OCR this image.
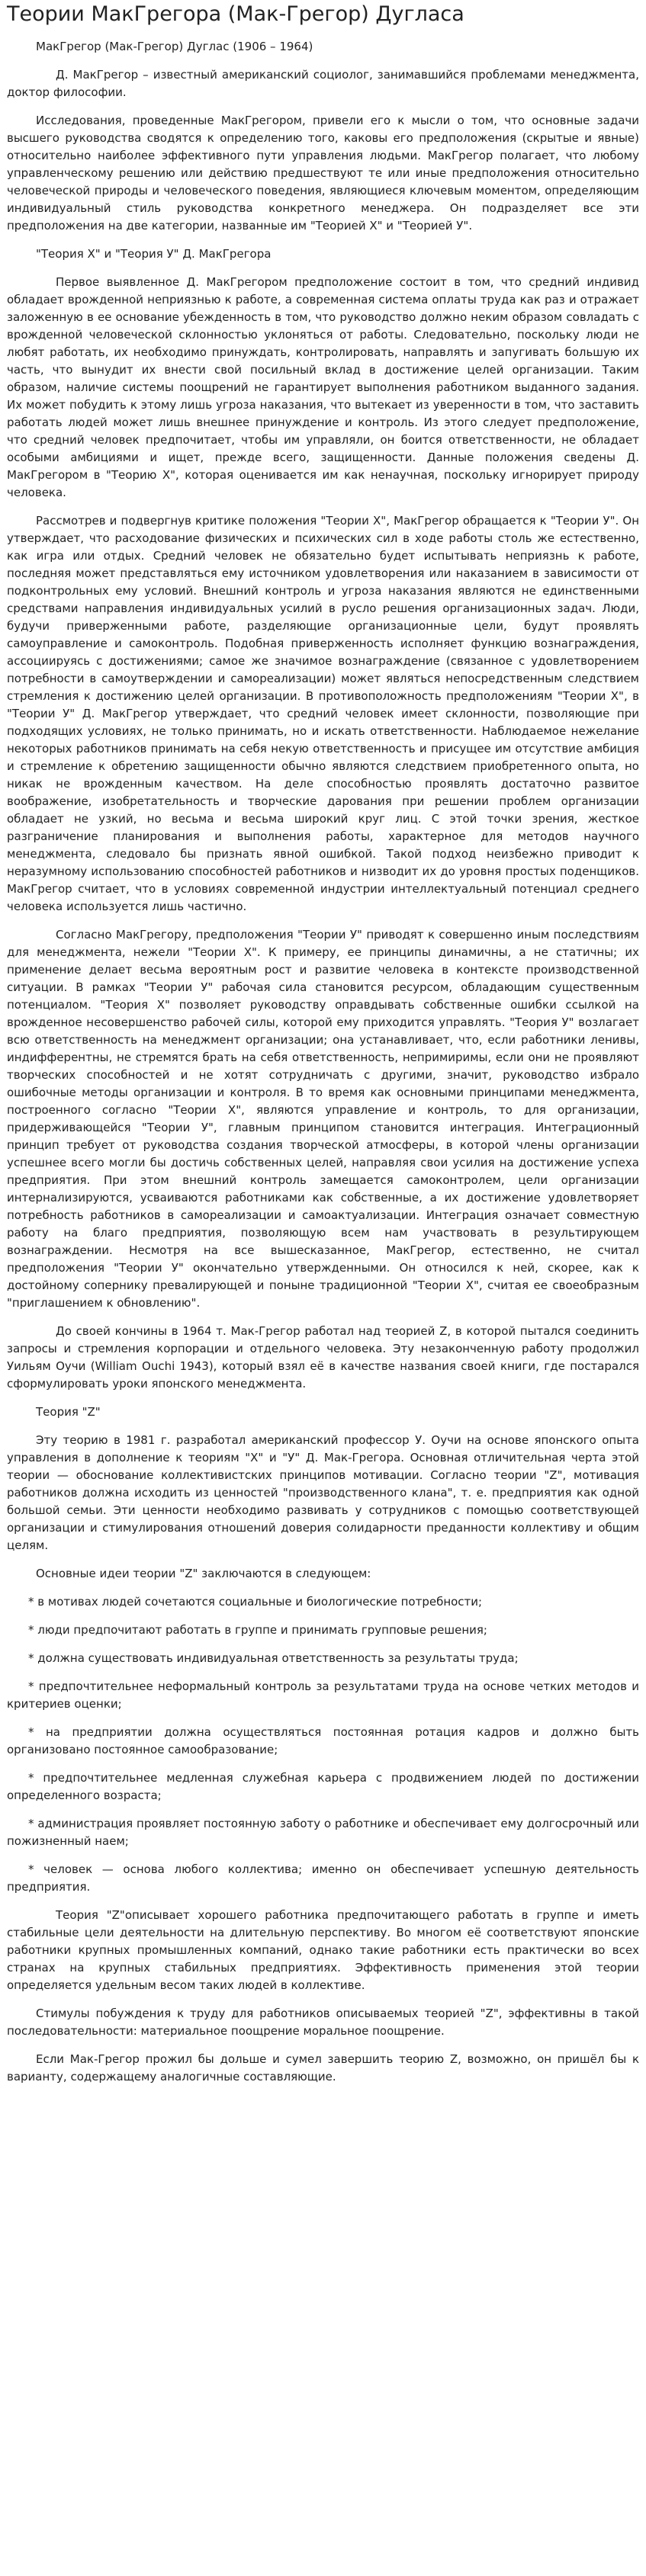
Теории МакГрегора (Мак-Грегор) Дугласа

МакГрегор (Мак-Грегор) Дуглас (1906 – 1964)

Д. МакГрегор – известный американский социолог, занимавшийся проблемами менеджмента, доктор философии.

Исследования, проведенные МакГрегором, привели его к мысли о том, что основные задачи высшего руководства сводятся к определению того, каковы его предположения (скрытые и явные) относительно наиболее эффективного пути управления людьми. МакГрегор полагает, что любому управленческому решению или действию предшествуют те или иные предположения относительно человеческой природы и человеческого поведения, являющиеся ключевым моментом, определяющим индивидуальный стиль руководства конкретного менеджера. Он подразделяет все эти предположения на две категории, названные им "Теорией Х" и "Теорией У".

"Теория Х" и "Теория У" Д. МакГрегора

Первое выявленное Д. МакГрегором предположение состоит в том, что средний индивид обладает врожденной неприязнью к работе, а современная система оплаты труда как раз и отражает заложенную в ее основание убежденность в том, что руководство должно неким образом совладать с врожденной человеческой склонностью уклоняться от работы. Следовательно, поскольку люди не любят работать, их необходимо принуждать, контролировать, направлять и запугивать большую их часть, что вынудит их внести свой посильный вклад в достижение целей организации. Таким образом, наличие системы поощрений не гарантирует выполнения работником выданного задания. Их может побудить к этому лишь угроза наказания, что вытекает из уверенности в том, что заставить работать людей может лишь внешнее принуждение и контроль. Из этого следует предположение, что средний человек предпочитает, чтобы им управляли, он боится ответственности, не обладает особыми амбициями и ищет, прежде всего, защищенности. Данные положения сведены Д. МакГрегором в "Теорию Х", которая оценивается им как ненаучная, поскольку игнорирует природу человека.

Рассмотрев и подвергнув критике положения "Теории Х", МакГрегор обращается к "Теории У". Он утверждает, что расходование физических и психических сил в ходе работы столь же естественно, как игра или отдых. Средний человек не обязательно будет испытывать неприязнь к работе, последняя может представляться ему источником удовлетворения или наказанием в зависимости от подконтрольных ему условий. Внешний контроль и угроза наказания являются не единственными средствами направления индивидуальных усилий в русло решения организационных задач. Люди, будучи приверженными работе, разделяющие организационные цели, будут проявлять самоуправление и самоконтроль. Подобная приверженность исполняет функцию вознаграждения, ассоциируясь с достижениями; самое же значимое вознаграждение (связанное с удовлетворением потребности в самоутверждении и самореализации) может являться непосредственным следствием стремления к достижению целей организации. В противоположность предположениям "Теории Х", в "Теории У" Д. МакГрегор утверждает, что средний человек имеет склонности, позволяющие при подходящих условиях, не только принимать, но и искать ответственности. Наблюдаемое нежелание некоторых работников принимать на себя некую ответственность и присущее им отсутствие амбиция и стремление к обретению защищенности обычно являются следствием приобретенного опыта, но никак не врожденным качеством. На деле способностью проявлять достаточно развитое воображение, изобретательность и творческие дарования при решении проблем организации обладает не узкий, но весьма и весьма широкий круг лиц. С этой точки зрения, жесткое разграничение планирования и выполнения работы, характерное для методов научного менеджмента, следовало бы признать явной ошибкой. Такой подход неизбежно приводит к неразумному использованию способностей работников и низводит их до уровня простых поденщиков. МакГрегор считает, что в условиях современной индустрии интеллектуальный потенциал среднего человека используется лишь частично.

Согласно МакГрегору, предположения "Теории У" приводят к совершенно иным последствиям для менеджмента, нежели "Теории Х". К примеру, ее принципы динамичны, а не статичны; их применение делает весьма вероятным рост и развитие человека в контексте производственной ситуации. В рамках "Теории У" рабочая сила становится ресурсом, обладающим существенным потенциалом. "Теория Х" позволяет руководству оправдывать собственные ошибки ссылкой на врожденное несовершенство рабочей силы, которой ему приходится управлять. "Теория У" возлагает всю ответственность на менеджмент организации; она устанавливает, что, если работники ленивы, индифферентны, не стремятся брать на себя ответственность, непримиримы, если они не проявляют творческих способностей и не хотят сотрудничать с другими, значит, руководство избрало ошибочные методы организации и контроля. В то время как основными принципами менеджмента, построенного согласно "Теории Х", являются управление и контроль, то для организации, придерживающейся "Теории У", главным принципом становится интеграция. Интеграционный принцип требует от руководства создания творческой атмосферы, в которой члены организации успешнее всего могли бы достичь собственных целей, направляя свои усилия на достижение успеха предприятия. При этом внешний контроль замещается самоконтролем, цели организации интернализируются, усваиваются работниками как собственные, а их достижение удовлетворяет потребность работников в самореализации и самоактуализации. Интеграция означает совместную работу на благо предприятия, позволяющую всем нам участвовать в результирующем вознаграждении. Несмотря на все вышесказанное, МакГрегор, естественно, не считал предположения "Теории У" окончательно утвержденными. Он относился к ней, скорее, как к достойному сопернику превалирующей и поныне традиционной "Теории Х", считая ее своеобразным "приглашением к обновлению".

До своей кончины в 1964 т. Мак-Грегор работал над теорией Z, в которой пытался соединить запросы и стремления корпорации и отдельного человека. Эту незаконченную работу продолжил Уильям Оучи (William Ouchi 1943), который взял её в качестве названия своей книги, где постарался сформулировать уроки японского менеджмента.

Теория "Z"

Эту теорию в 1981 г. разработал американский профессор У. Оучи на основе японского опыта управления в дополнение к теориям "Х" и "У" Д. Мак-Грегора. Основная отличительная черта этой теории — обоснование коллективистских принципов мотивации. Согласно теории "Z", мотивация работников должна исходить из ценностей "производственного клана", т. е. предприятия как одной большой семьи. Эти ценности необходимо развивать у сотрудников с помощью соответствующей организации и стимулирования отношений доверия солидарности преданности коллективу и общим целям.

Основные идеи теории "Z" заключаются в следующем:

* в мотивах людей сочетаются социальные и биологические потребности;

* люди предпочитают работать в группе и принимать групповые решения;

* должна существовать индивидуальная ответственность за результаты труда;

* предпочтительнее неформальный контроль за результатами труда на основе четких методов и критериев оценки;

* на предприятии должна осуществляться постоянная ротация кадров и должно быть организовано постоянное самообразование;

* предпочтительнее медленная служебная карьера с продвижением людей по достижении определенного возраста;

* администрация проявляет постоянную заботу о работнике и обеспечивает ему долгосрочный или пожизненный наем;

* человек — основа любого коллектива; именно он обеспечивает успешную деятельность предприятия.

Теория "Z"описывает хорошего работника предпочитающего работать в группе и иметь стабильные цели деятельности на длительную перспективу. Во многом её соответствуют японские работники крупных промышленных компаний, однако такие работники есть практически во всех странах на крупных стабильных предприятиях. Эффективность применения этой теории определяется удельным весом таких людей в коллективе.

Стимулы побуждения к труду для работников описываемых теорией "Z", эффективны в такой последовательности: материальное поощрение моральное поощрение.

Если Мак-Грегор прожил бы дольше и сумел завершить теорию Z, возможно, он пришёл бы к варианту, содержащему аналогичные составляющие.
